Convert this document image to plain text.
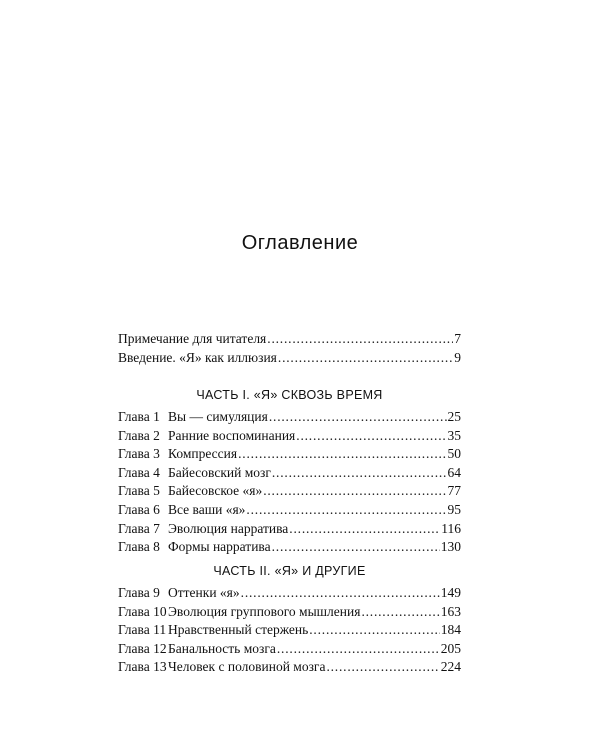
Оглавление
Примечание для читателя .....	7
Введение. «Я» как иллюзия .....	9
ЧАСТЬ I. «Я» СКВОЗЬ ВРЕМЯ
Глава 1 Вы — симуляция .....	25
Глава 2 Ранние воспоминания .....	35
Глава 3 Компрессия .....	50
Глава 4 Байесовский мозг .....	64
Глава 5 Байесовское «я» .....	77
Глава 6 Все ваши «я» .....	95
Глава 7 Эволюция нарратива .....	116
Глава 8 Формы нарратива .....	130
ЧАСТЬ II. «Я» И ДРУГИЕ
Глава 9 Оттенки «я» .....	149
Глава 10 Эволюция группового мышления .....	163
Глава 11 Нравственный стержень .....	184
Глава 12 Банальность мозга .....	205
Глава 13 Человек с половиной мозга .....	224
